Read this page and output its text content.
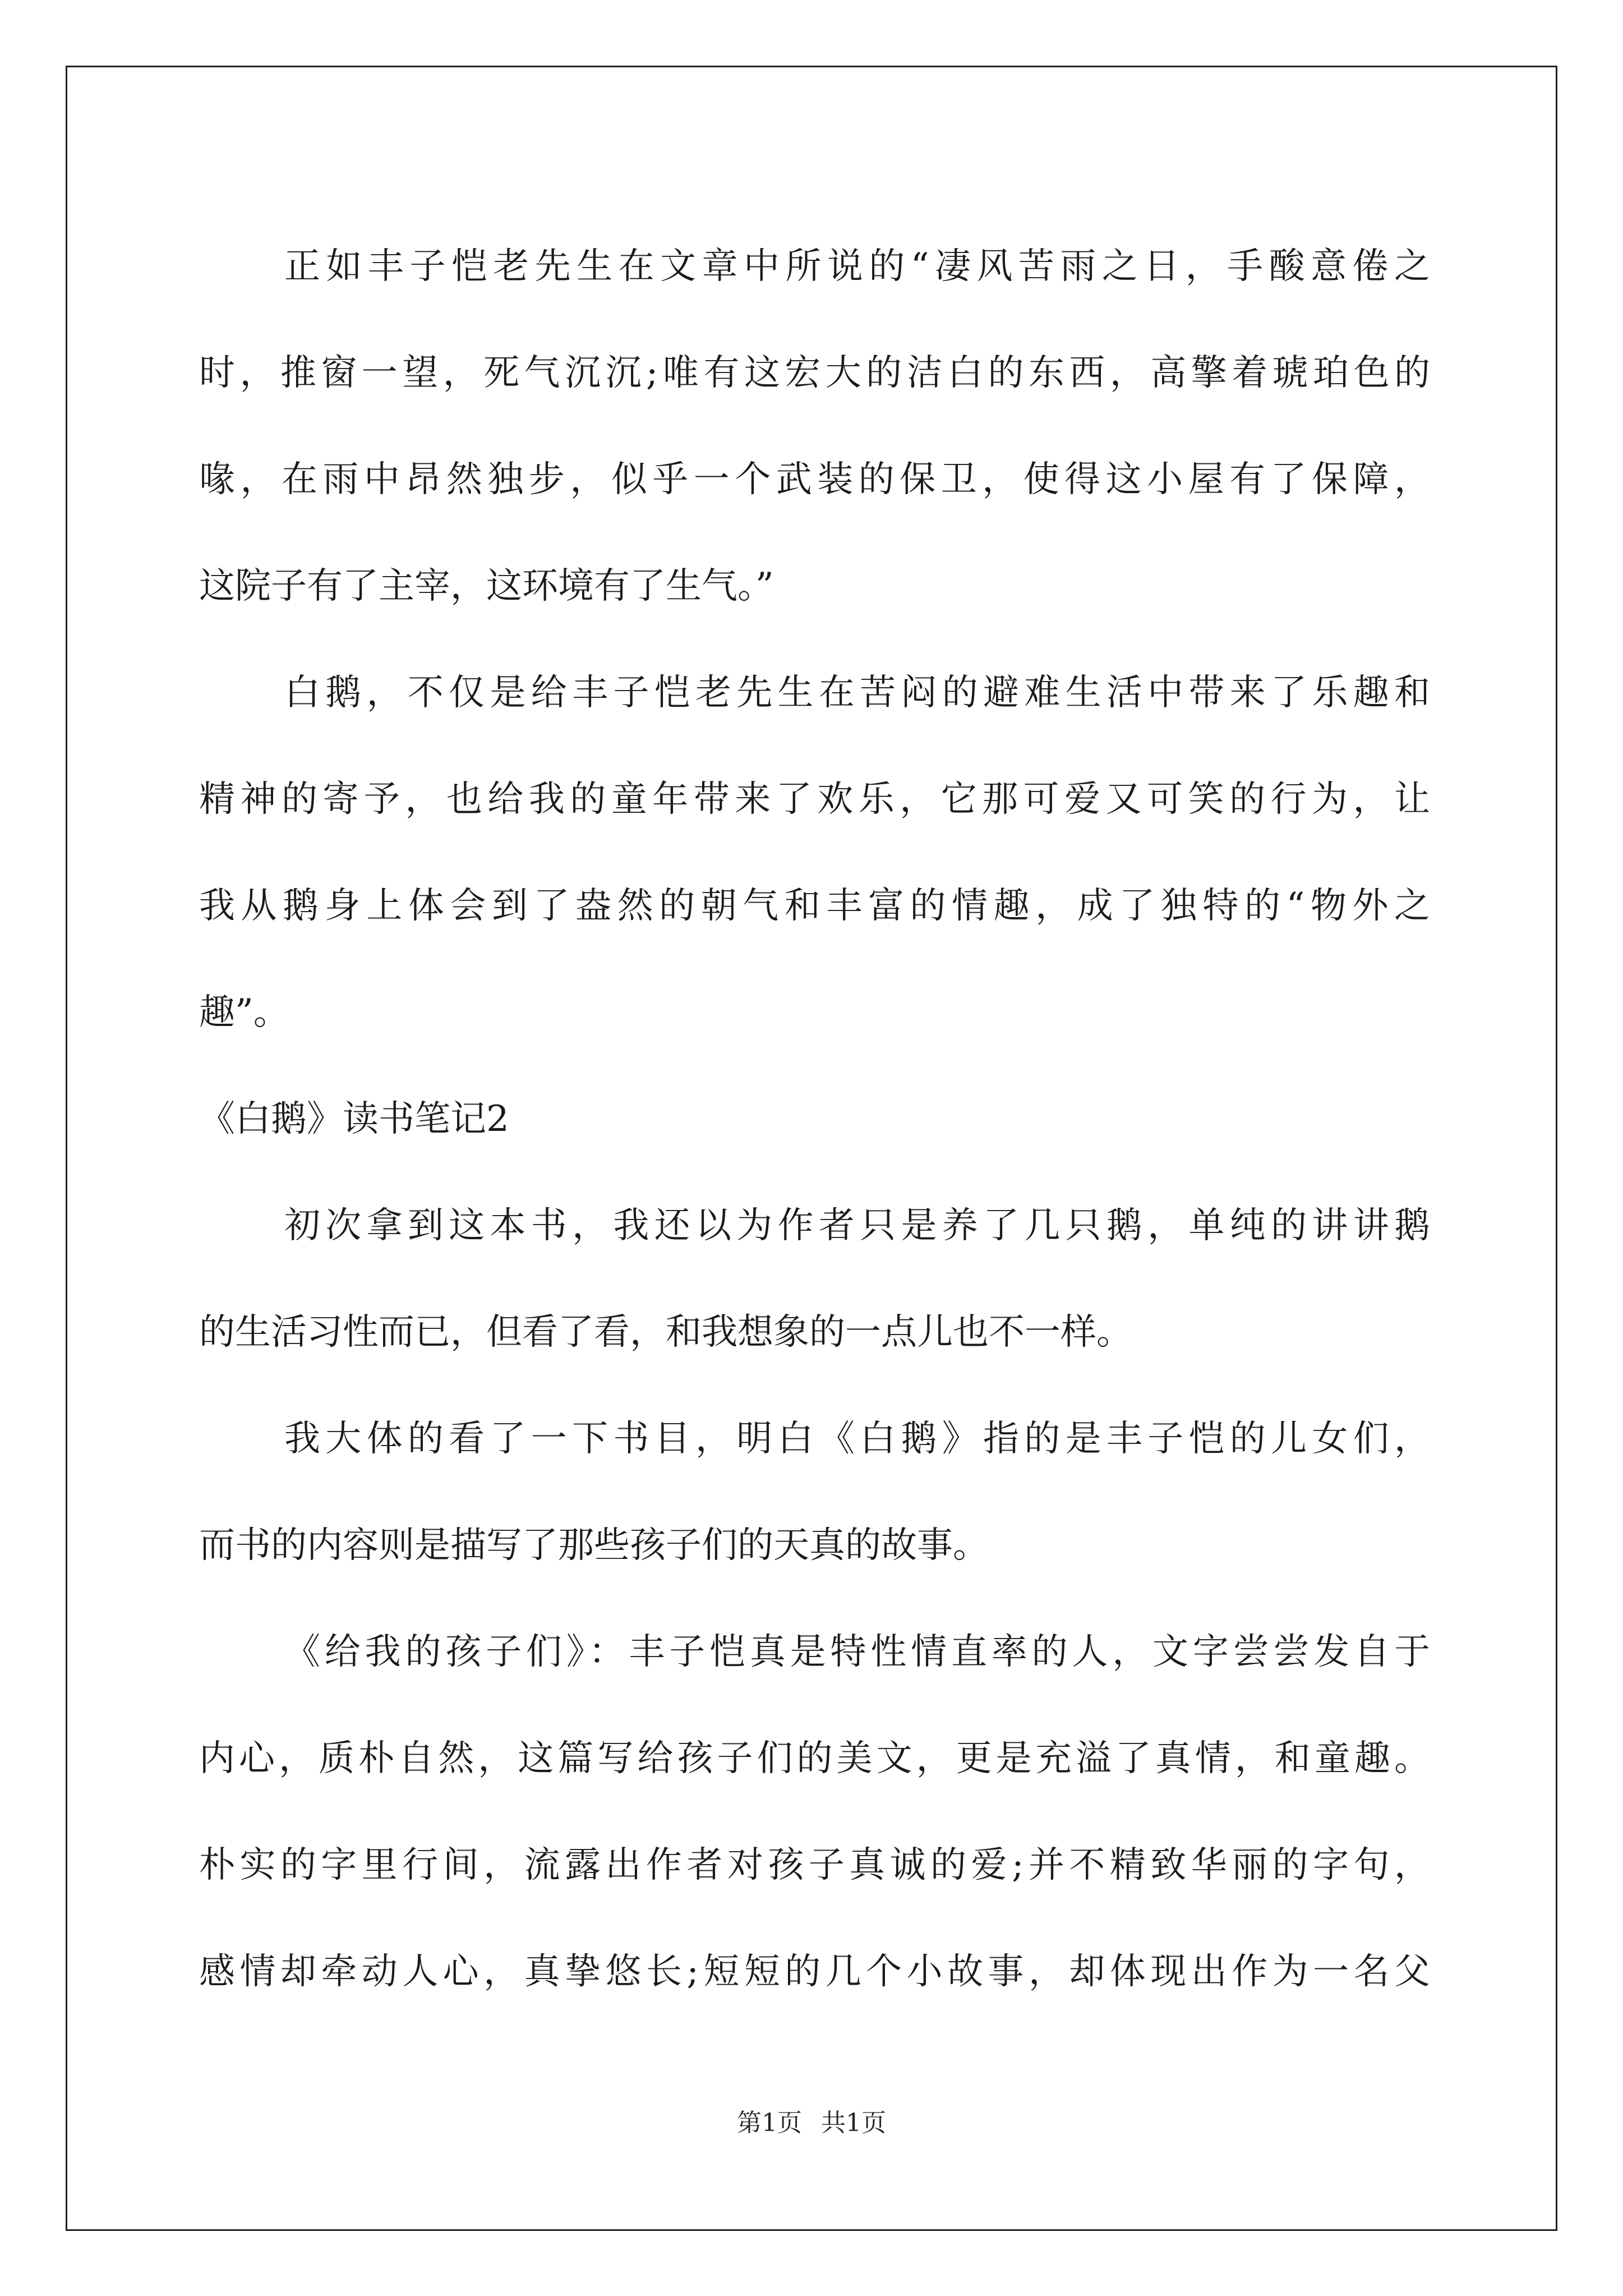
正如丰子恺老先生在文章中所说的“凄风苦雨之日，手酸意倦之
时，推窗一望，死气沉沉;唯有这宏大的洁白的东西，高擎着琥珀色的
喙，在雨中昂然独步，似乎一个武装的保卫，使得这小屋有了保障，
这院子有了主宰，这环境有了生气。”
白鹅，不仅是给丰子恺老先生在苦闷的避难生活中带来了乐趣和
精神的寄予，也给我的童年带来了欢乐，它那可爱又可笑的行为，让
我从鹅身上体会到了盎然的朝气和丰富的情趣，成了独特的“物外之
趣”。
《白鹅》读书笔记2
初次拿到这本书，我还以为作者只是养了几只鹅，单纯的讲讲鹅
的生活习性而已，但看了看，和我想象的一点儿也不一样。
我大体的看了一下书目，明白《白鹅》指的是丰子恺的儿女们，
而书的内容则是描写了那些孩子们的天真的故事。
《给我的孩子们》：丰子恺真是特性情直率的人，文字尝尝发自于
内心，质朴自然，这篇写给孩子们的美文，更是充溢了真情，和童趣。
朴实的字里行间，流露出作者对孩子真诚的爱;并不精致华丽的字句，
感情却牵动人心，真挚悠长;短短的几个小故事，却体现出作为一名父
第1页 共1页
